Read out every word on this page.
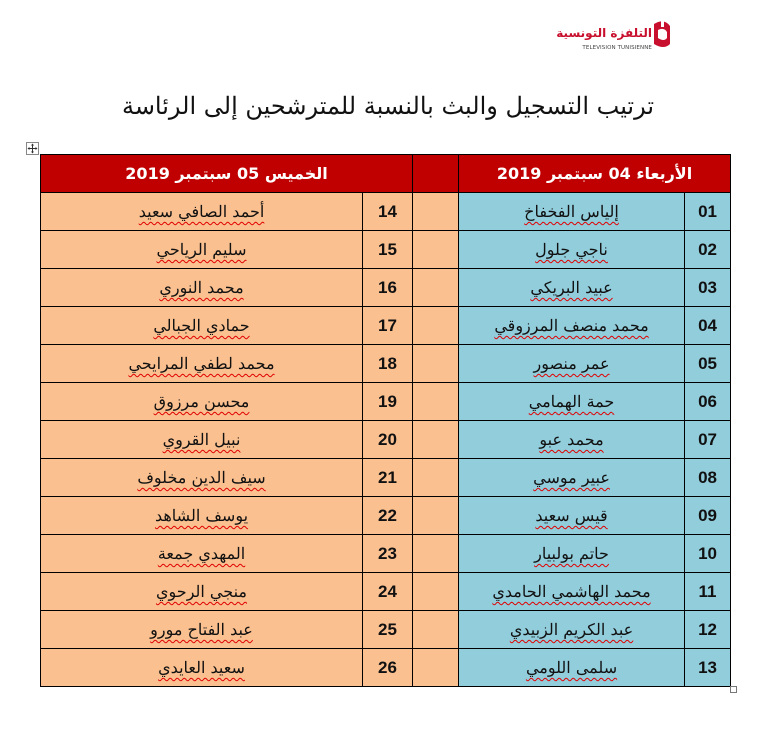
التلفزة التونسية
TELEVISION TUNISIENNE
ترتيب التسجيل والبث بالنسبة للمترشحين إلى الرئاسة
الأربعاء 04 سبتمبر 2019			الخميس 05 سبتمبر 2019	
01	إلياس الفخفاخ		14	أحمد الصافي سعيد
02	ناجي جلول		15	سليم الرياحي
03	عبيد البريكي		16	محمد النوري
04	محمد منصف المرزوقي		17	حمادي الجبالي
05	عمر منصور		18	محمد لطفي المرايحي
06	حمة الهمامي		19	محسن مرزوق
07	محمد عبو		20	نبيل القروي
08	عبير موسي		21	سيف الدين مخلوف
09	قيس سعيد		22	يوسف الشاهد
10	حاتم بولبيار		23	المهدي جمعة
11	محمد الهاشمي الحامدي		24	منجي الرحوي
12	عبد الكريم الزبيدي		25	عبد الفتاح مورو
13	سلمى اللومي		26	سعيد العايدي
